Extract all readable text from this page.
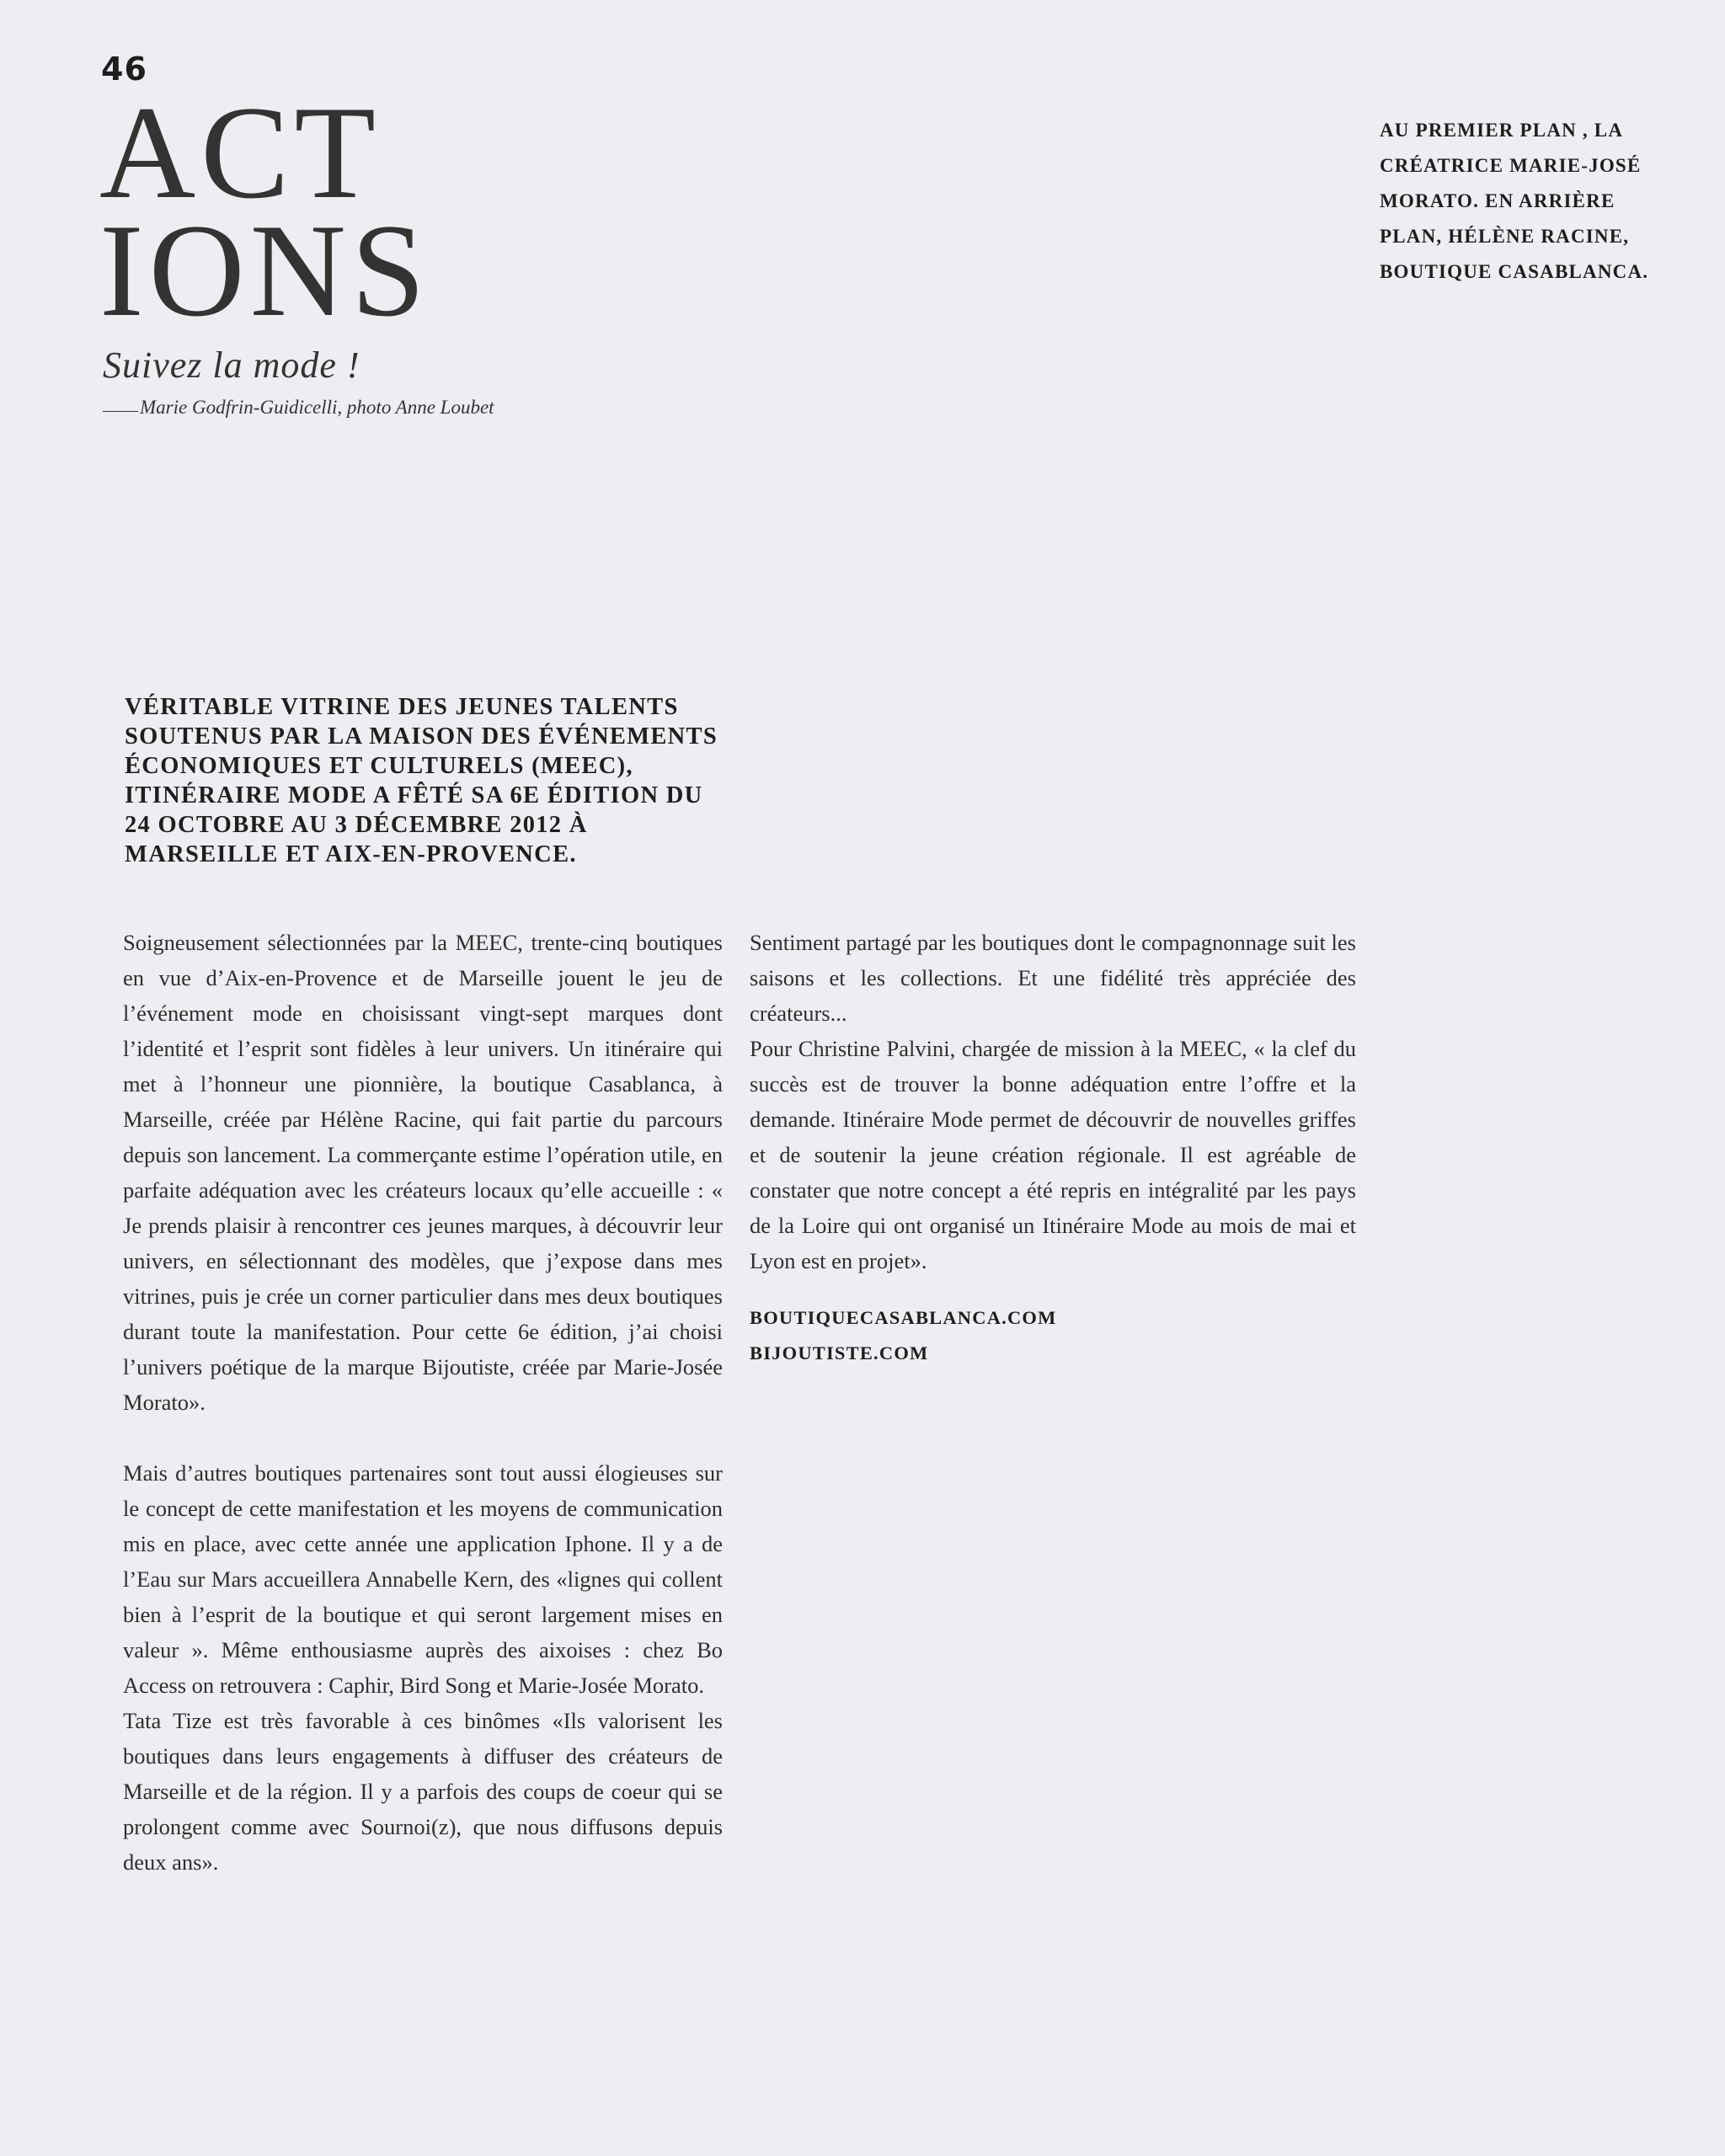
46
ACT
IONS
AU PREMIER PLAN , LA CRÉATRICE MARIE-JOSÉ MORATO. EN ARRIÈRE PLAN, HÉLÈNE RACINE, BOUTIQUE CASABLANCA.
Suivez la mode !
Marie Godfrin-Guidicelli, photo Anne Loubet

VÉRITABLE VITRINE DES JEUNES TALENTS SOUTENUS PAR LA MAISON DES ÉVÉNEMENTS ÉCONOMIQUES ET CULTURELS (MEEC), ITINÉRAIRE MODE A FÊTÉ SA 6E ÉDITION DU 24 OCTOBRE AU 3 DÉCEMBRE 2012 À MARSEILLE ET AIX-EN-PROVENCE.

Soigneusement sélectionnées par la MEEC, trente-cinq boutiques en vue d’Aix-en-Provence et de Marseille jouent le jeu de l’événement mode en choisissant vingt-sept marques dont l’identité et l’esprit sont fidèles à leur univers. Un itinéraire qui met à l’honneur une pionnière, la boutique Casablanca, à Marseille, créée par Hélène Racine, qui fait partie du parcours depuis son lancement. La commerçante estime l’opération utile, en parfaite adéquation avec les créateurs locaux qu’elle accueille : « Je prends plaisir à rencontrer ces jeunes marques, à découvrir leur univers, en sélectionnant des modèles, que j’expose dans mes vitrines, puis je crée un corner particulier dans mes deux boutiques durant toute la manifestation. Pour cette 6e édition, j’ai choisi l’univers poétique de la marque Bijoutiste, créée par Marie-Josée Morato».

Mais d’autres boutiques partenaires sont tout aussi élogieuses sur le concept de cette manifestation et les moyens de communication mis en place, avec cette année une application Iphone. Il y a de l’Eau sur Mars accueillera Annabelle Kern, des «lignes qui collent bien à l’esprit de la boutique et qui seront largement mises en valeur ». Même enthousiasme auprès des aixoises : chez Bo Access on retrouvera : Caphir, Bird Song et Marie-Josée Morato.

Tata Tize est très favorable à ces binômes «Ils valorisent les boutiques dans leurs engagements à diffuser des créateurs de Marseille et de la région. Il y a parfois des coups de coeur qui se prolongent comme avec Sournoi(z), que nous diffusons depuis deux ans».

Sentiment partagé par les boutiques dont le compagnonnage suit les saisons et les collections. Et une fidélité très appréciée des créateurs...

Pour Christine Palvini, chargée de mission à la MEEC, « la clef du succès est de trouver la bonne adéquation entre l’offre et la demande. Itinéraire Mode permet de découvrir de nouvelles griffes et de soutenir la jeune création régionale. Il est agréable de constater que notre concept a été repris en intégralité par les pays de la Loire qui ont organisé un Itinéraire Mode au mois de mai et Lyon est en projet».

BOUTIQUECASABLANCA.COM
BIJOUTISTE.COM
